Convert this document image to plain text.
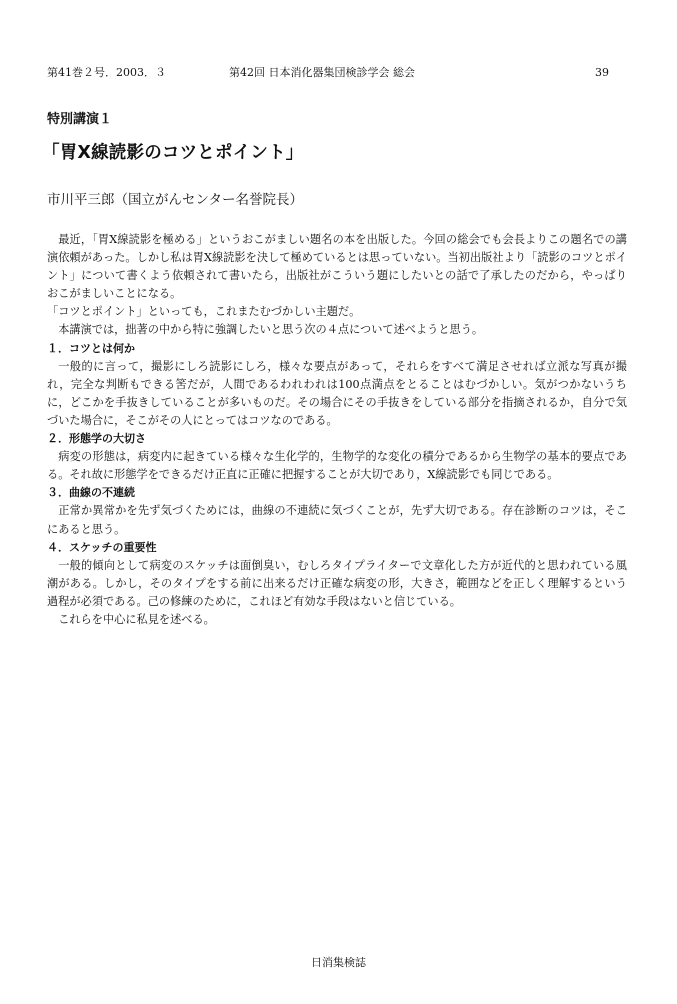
第41巻２号．2003．３	第42回 日本消化器集団検診学会 総会	39
特別講演１
「胃X線読影のコツとポイント」
市川平三郎（国立がんセンター名誉院長）

最近，「胃X線読影を極める」というおこがましい題名の本を出版した。今回の総会でも会長よりこの題名での講演依頼があった。しかし私は胃X線読影を決して極めているとは思っていない。当初出版社より「読影のコツとポイント」について書くよう依頼されて書いたら，出版社がこういう題にしたいとの話で了承したのだから，やっぱりおこがましいことになる。

「コツとポイント」といっても，これまたむづかしい主題だ。

本講演では，拙著の中から特に強調したいと思う次の４点について述べようと思う。

１．コツとは何か

一般的に言って，撮影にしろ読影にしろ，様々な要点があって，それらをすべて満足させれば立派な写真が撮れ，完全な判断もできる筈だが，人間であるわれわれは100点満点をとることはむづかしい。気がつかないうちに，どこかを手抜きしていることが多いものだ。その場合にその手抜きをしている部分を指摘されるか，自分で気づいた場合に，そこがその人にとってはコツなのである。

２．形態学の大切さ

病変の形態は，病変内に起きている様々な生化学的，生物学的な変化の積分であるから生物学の基本的要点である。それ故に形態学をできるだけ正直に正確に把握することが大切であり，X線読影でも同じである。

３．曲線の不連続

正常か異常かを先ず気づくためには，曲線の不連続に気づくことが，先ず大切である。存在診断のコツは，そこにあると思う。

４．スケッチの重要性

一般的傾向として病変のスケッチは面倒臭い，むしろタイプライターで文章化した方が近代的と思われている風潮がある。しかし，そのタイプをする前に出来るだけ正確な病変の形，大きさ，範囲などを正しく理解するという過程が必須である。己の修練のために，これほど有効な手段はないと信じている。

これらを中心に私見を述べる。

日消集検誌
